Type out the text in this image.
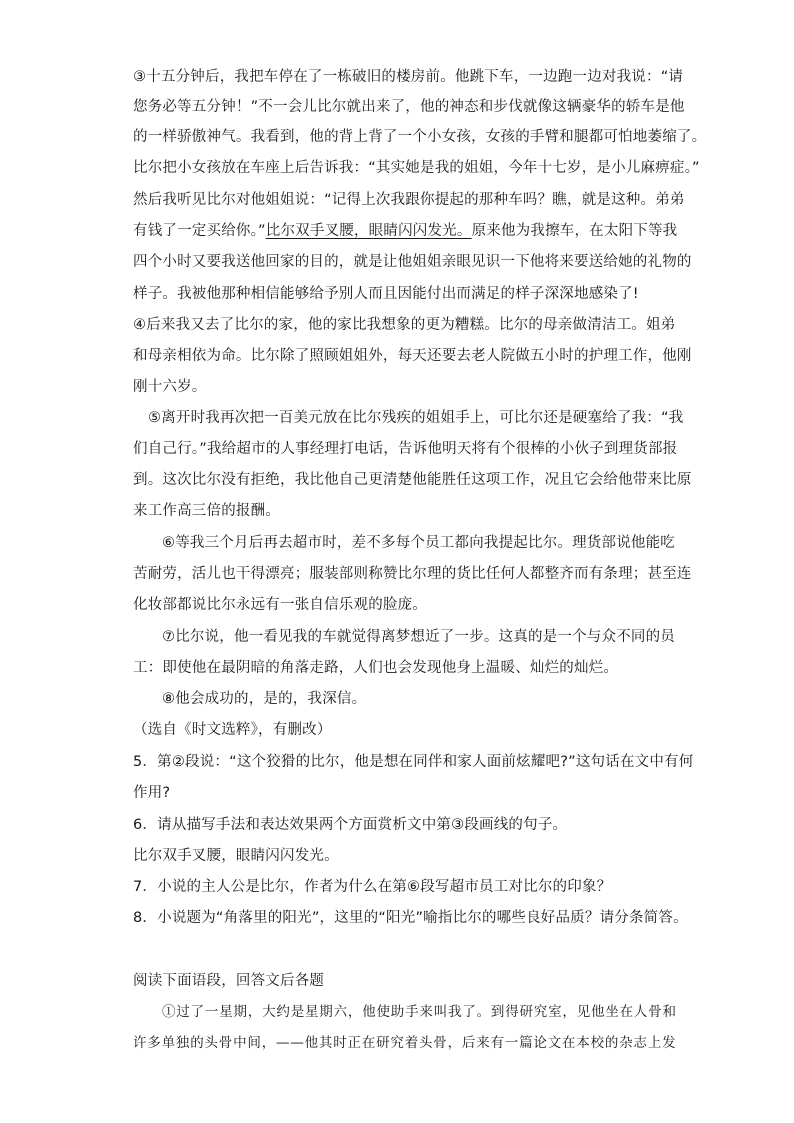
③十五分钟后，我把车停在了一栋破旧的楼房前。他跳下车，一边跑一边对我说：“请
您务必等五分钟！”不一会儿比尔就出来了，他的神态和步伐就像这辆豪华的轿车是他
的一样骄傲神气。我看到，他的背上背了一个小女孩，女孩的手臂和腿都可怕地萎缩了。
比尔把小女孩放在车座上后告诉我：“其实她是我的姐姐，今年十七岁，是小儿麻痹症。”
然后我听见比尔对他姐姐说：“记得上次我跟你提起的那种车吗？瞧，就是这种。弟弟
有钱了一定买给你。”比尔双手叉腰，眼睛闪闪发光。原来他为我擦车，在太阳下等我
四个小时又要我送他回家的目的，就是让他姐姐亲眼见识一下他将来要送给她的礼物的
样子。我被他那种相信能够给予别人而且因能付出而满足的样子深深地感染了!
④后来我又去了比尔的家，他的家比我想象的更为糟糕。比尔的母亲做清洁工。姐弟
和母亲相依为命。比尔除了照顾姐姐外，每天还要去老人院做五小时的护理工作，他刚
刚十六岁。
⑤离开时我再次把一百美元放在比尔残疾的姐姐手上，可比尔还是硬塞给了我：“我
们自己行。”我给超市的人事经理打电话，告诉他明天将有个很棒的小伙子到理货部报
到。这次比尔没有拒绝，我比他自己更清楚他能胜任这项工作，况且它会给他带来比原
来工作高三倍的报酬。
⑥等我三个月后再去超市时，差不多每个员工都向我提起比尔。理货部说他能吃
苦耐劳，活儿也干得漂亮；服装部则称赞比尔理的货比任何人都整齐而有条理；甚至连
化妆部都说比尔永远有一张自信乐观的脸庞。
⑦比尔说，他一看见我的车就觉得离梦想近了一步。这真的是一个与众不同的员
工：即使他在最阴暗的角落走路，人们也会发现他身上温暖、灿烂的灿烂。
⑧他会成功的，是的，我深信。
（选自《时文选粹》，有删改）
5．第②段说：“这个狡猾的比尔，他是想在同伴和家人面前炫耀吧?”这句话在文中有何
作用?
6．请从描写手法和表达效果两个方面赏析文中第③段画线的句子。
比尔双手叉腰，眼睛闪闪发光。
7．小说的主人公是比尔，作者为什么在第⑥段写超市员工对比尔的印象？
8．小说题为“角落里的阳光”，这里的“阳光”喻指比尔的哪些良好品质？请分条简答。
阅读下面语段，回答文后各题
①过了一星期，大约是星期六，他使助手来叫我了。到得研究室，见他坐在人骨和
许多单独的头骨中间，——他其时正在研究着头骨，后来有一篇论文在本校的杂志上发
